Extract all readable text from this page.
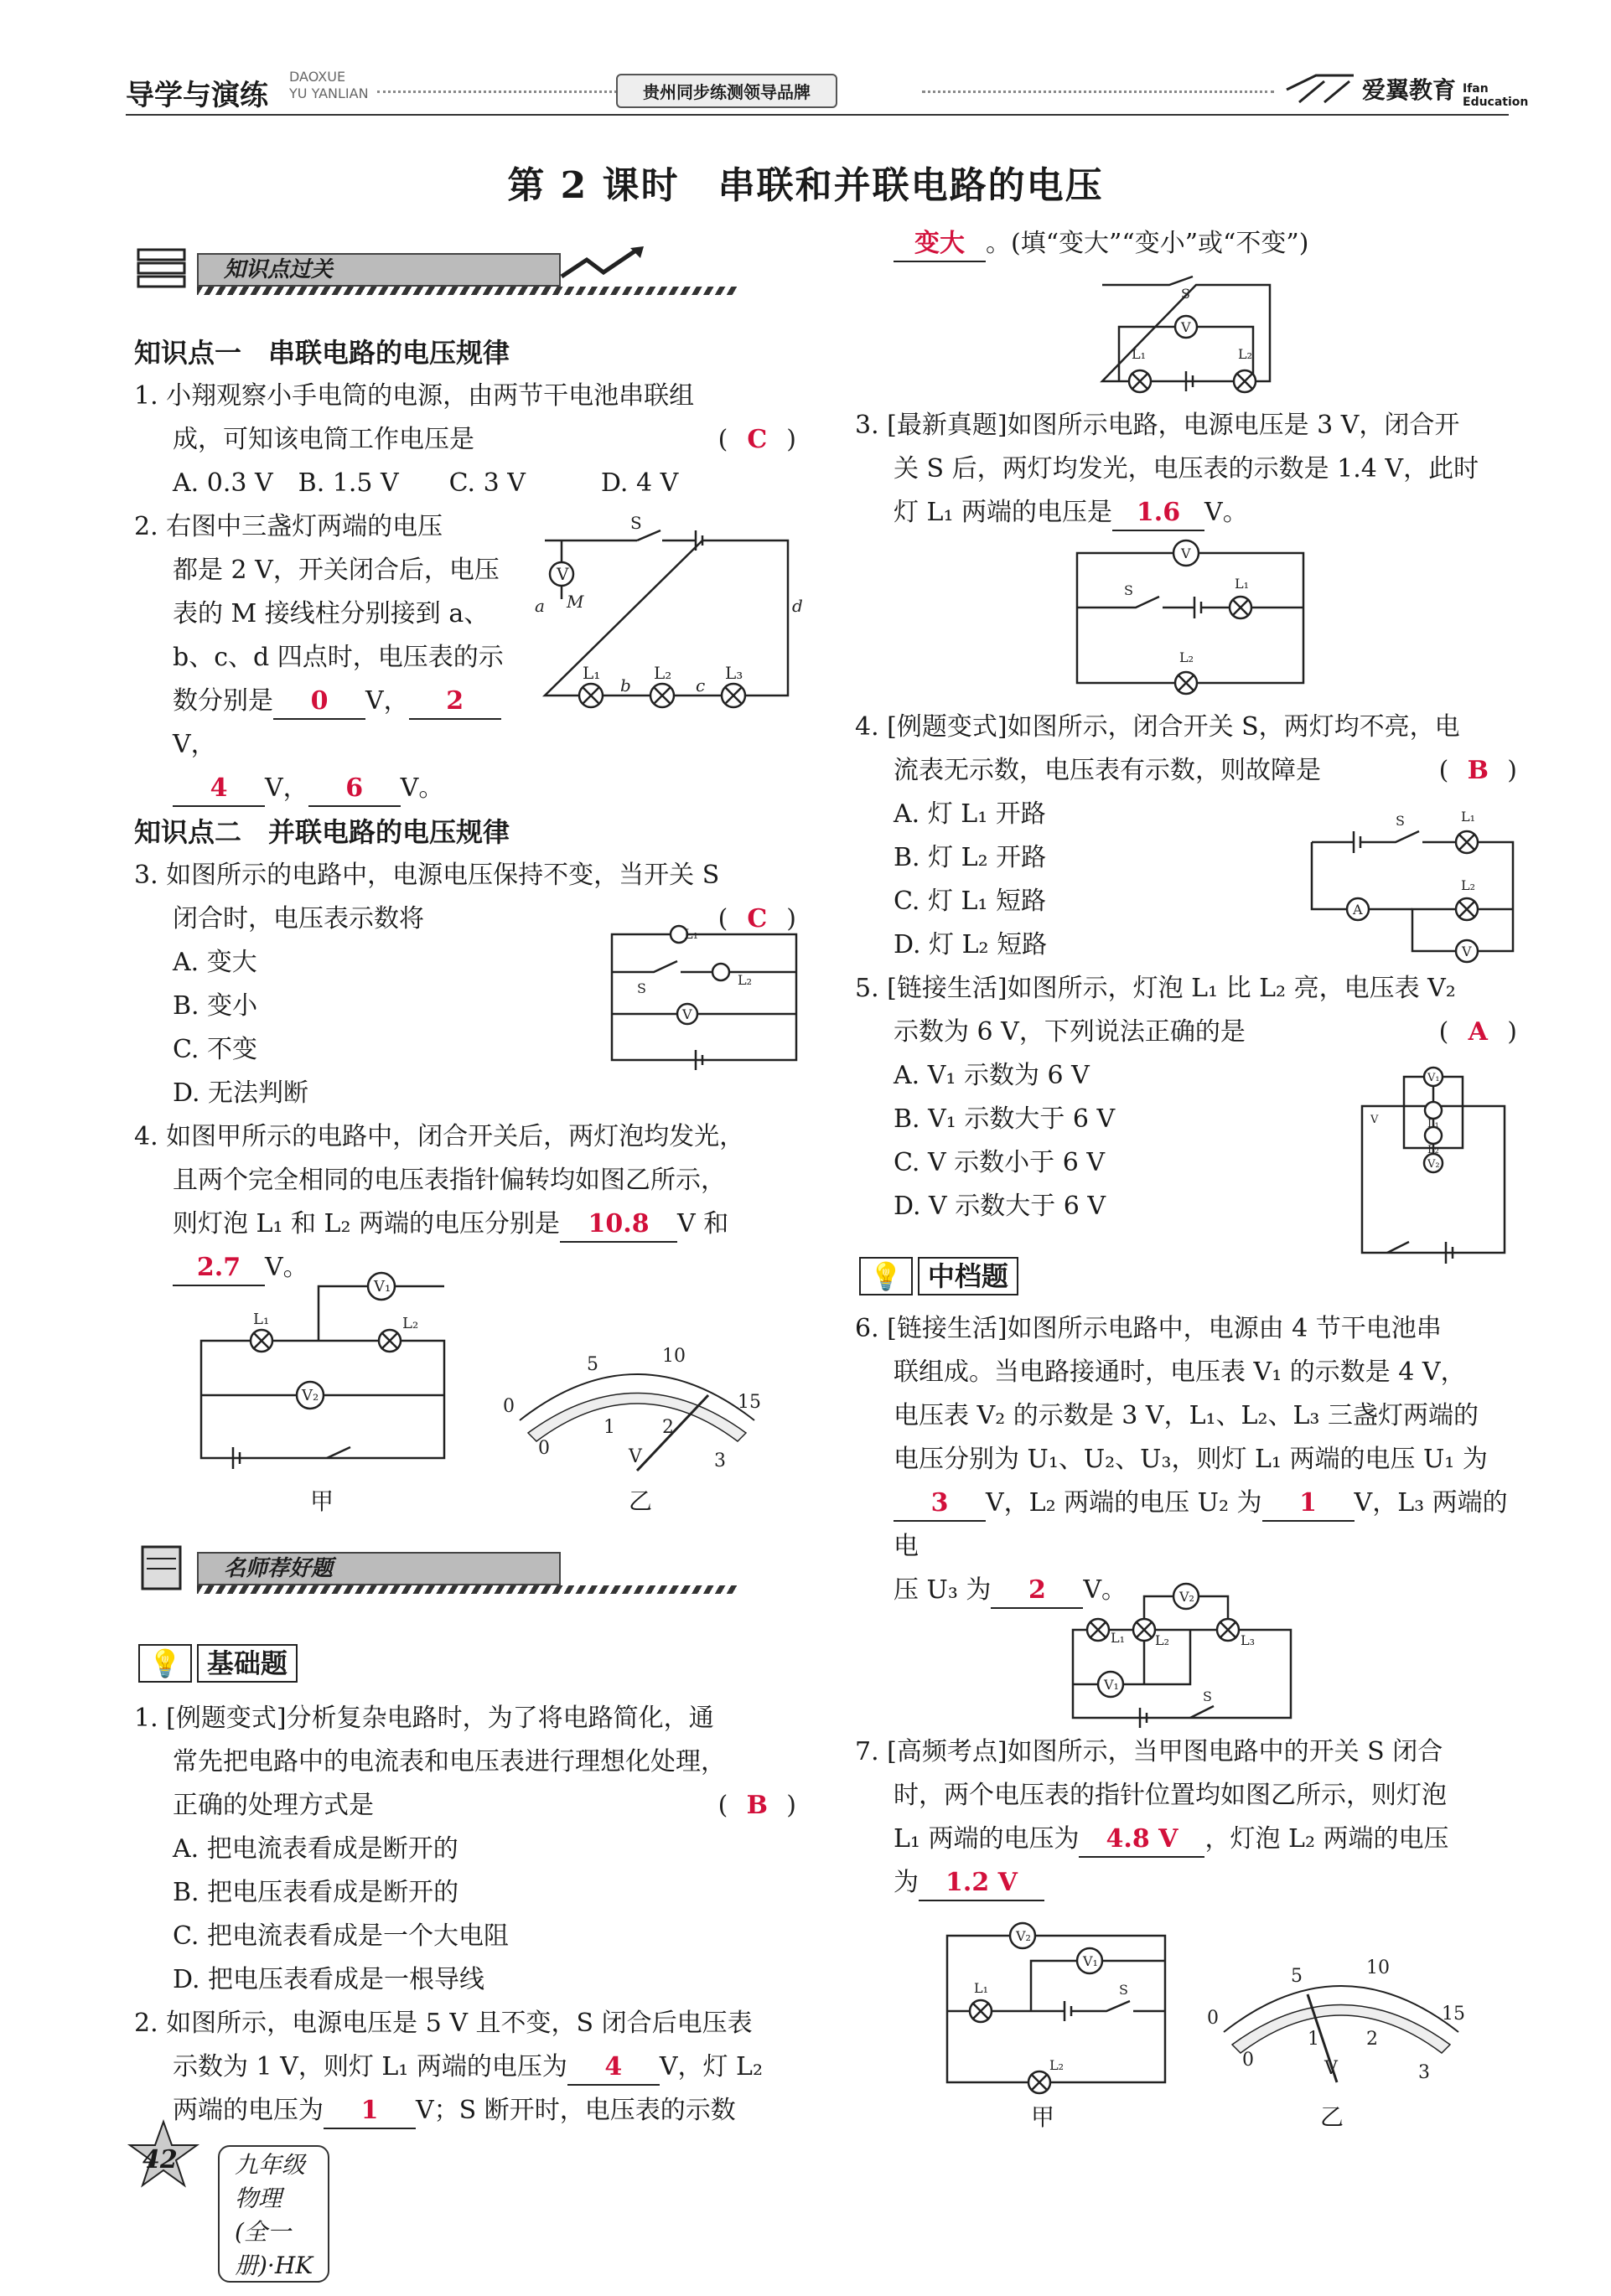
导学与演练
DAOXUE
YU YANLIAN	贵州同步练测领导品牌	爱翼教育 Ifan Education
第 2 课时　串联和并联电路的电压
知识点过关
知识点一　串联电路的电压规律
1. 小翔观察小手电筒的电源，由两节干电池串联组
成，可知该电筒工作电压是	( C )
A. 0.3 V　B. 1.5 V　　C. 3 V　　　D. 4 V
2. 右图中三盏灯两端的电压
都是 2 V，开关闭合后，电压
表的 M 接线柱分别接到 a、
b、c、d 四点时，电压表的示
数分别是 0 V， 2V，
4 V， 6 V。
知识点二　并联电路的电压规律
3. 如图所示的电路中，电源电压保持不变，当开关 S
闭合时，电压表示数将	( C )
A. 变大
B. 变小
C. 不变
D. 无法判断
4. 如图甲所示的电路中，闭合开关后，两灯泡均发光，
且两个完全相同的电压表指针偏转均如图乙所示，
则灯泡 L₁ 和 L₂ 两端的电压分别是 10.8 V 和
2.7 V。
V
M
S
a	d
L₁	L₂	L₃
b	c
L₁
L₂
S
V
V₁
L₁	L₂
V₂
甲
0
5	10
15
0
1	2
3
V
乙
名师荐好题
💡 基础题
1. [例题变式]分析复杂电路时，为了将电路简化，通
常先把电路中的电流表和电压表进行理想化处理，
正确的处理方式是	( B )
A. 把电流表看成是断开的
B. 把电压表看成是断开的
C. 把电流表看成是一个大电阻
D. 把电压表看成是一根导线
2. 如图所示，电源电压是 5 V 且不变，S 闭合后电压表
示数为 1 V，则灯 L₁ 两端的电压为 4 V，灯 L₂
两端的电压为 1 V；S 断开时，电压表的示数
变大 。(填“变大”“变小”或“不变”)
S
V
L₁	L₂
3. [最新真题]如图所示电路，电源电压是 3 V，闭合开
关 S 后，两灯均发光，电压表的示数是 1.4 V，此时
灯 L₁ 两端的电压是 1.6 V。
V
S	L₁
L₂
4. [例题变式]如图所示，闭合开关 S，两灯均不亮，电
流表无示数，电压表有示数，则故障是	( B )
A. 灯 L₁ 开路
B. 灯 L₂ 开路
C. 灯 L₁ 短路
D. 灯 L₂ 短路
5. [链接生活]如图所示，灯泡 L₁ 比 L₂ 亮，电压表 V₂
示数为 6 V，下列说法正确的是	( A )
A. V₁ 示数为 6 V
B. V₁ 示数大于 6 V
C. V 示数小于 6 V
D. V 示数大于 6 V
S	L₁
L₂
A
V
V₁
L₁
L₂
V₂
V
💡 中档题
6. [链接生活]如图所示电路中，电源由 4 节干电池串
联组成。当电路接通时，电压表 V₁ 的示数是 4 V，
电压表 V₂ 的示数是 3 V，L₁、L₂、L₃ 三盏灯两端的
电压分别为 U₁、U₂、U₃，则灯 L₁ 两端的电压 U₁ 为
3 V，L₂ 两端的电压 U₂ 为 1 V，L₃ 两端的电
压 U₃ 为 2 V。	V₂
L₁ L₂	L₃
V₁
S
7. [高频考点]如图所示，当甲图电路中的开关 S 闭合
时，两个电压表的指针位置均如图乙所示，则灯泡
L₁ 两端的电压为 4.8 V ，灯泡 L₂ 两端的电压
为 1.2 V
V₂
V₁
L₁	S
L₂
甲
0
5	10
15
0
1	2
3
V
乙
42	九年级物理(全一册)·HK
